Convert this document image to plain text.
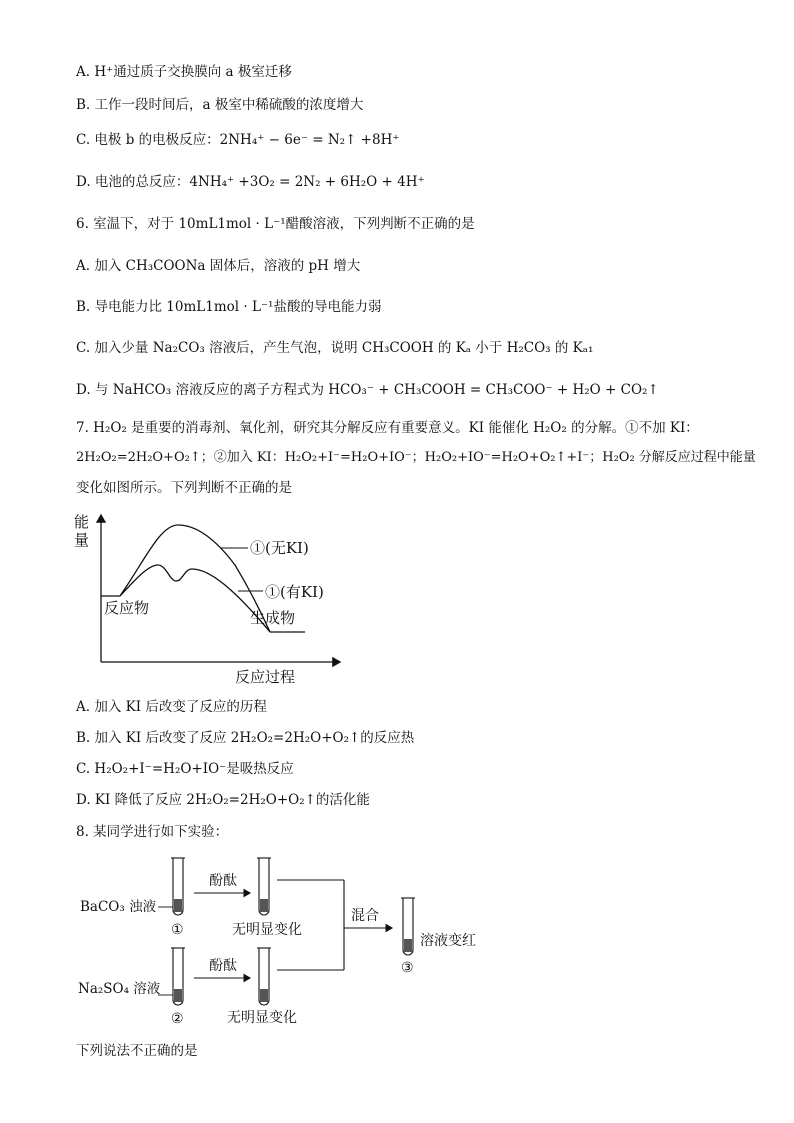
A. H⁺通过质子交换膜向 a 极室迁移
B. 工作一段时间后，a 极室中稀硫酸的浓度增大
C. 电极 b 的电极反应：2NH₄⁺ − 6e⁻ = N₂↑ +8H⁺
D. 电池的总反应：4NH₄⁺ +3O₂ = 2N₂ + 6H₂O + 4H⁺
6. 室温下，对于 10mL1mol · L⁻¹醋酸溶液，下列判断不正确的是
A. 加入 CH₃COONa 固体后，溶液的 pH 增大
B. 导电能力比 10mL1mol · L⁻¹盐酸的导电能力弱
C. 加入少量 Na₂CO₃ 溶液后，产生气泡，说明 CH₃COOH 的 Kₐ 小于 H₂CO₃ 的 Kₐ₁
D. 与 NaHCO₃ 溶液反应的离子方程式为 HCO₃⁻ + CH₃COOH = CH₃COO⁻ + H₂O + CO₂↑
7. H₂O₂ 是重要的消毒剂、氧化剂，研究其分解反应有重要意义。KI 能催化 H₂O₂ 的分解。①不加 KI：
2H₂O₂=2H₂O+O₂↑；②加入 KI：H₂O₂+I⁻=H₂O+IO⁻；H₂O₂+IO⁻=H₂O+O₂↑+I⁻；H₂O₂ 分解反应过程中能量
变化如图所示。下列判断不正确的是
能
量
反应过程
反应物
生成物
①(无KI)
①(有KI)
A. 加入 KI 后改变了反应的历程
B. 加入 KI 后改变了反应 2H₂O₂=2H₂O+O₂↑的反应热
C. H₂O₂+I⁻=H₂O+IO⁻是吸热反应
D. KI 降低了反应 2H₂O₂=2H₂O+O₂↑的活化能
8. 某同学进行如下实验：
BaCO₃ 浊液
①
酚酞
无明显变化
Na₂SO₄ 溶液
②
酚酞
无明显变化
混合
溶液变红
③
下列说法不正确的是
